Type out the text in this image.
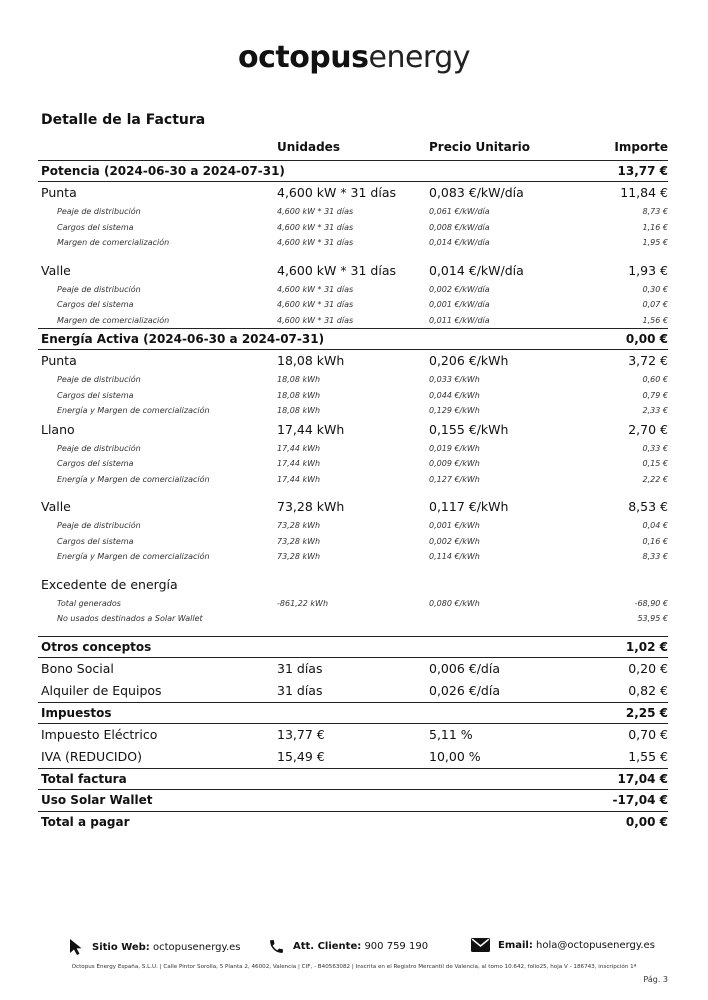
octopusenergy
Detalle de la Factura
Unidades	Precio Unitario	Importe
Potencia (2024-06-30 a 2024-07-31)	13,77 €
Punta	4,600 kW * 31 días	0,083 €/kW/día	11,84 €
Peaje de distribución	4,600 kW * 31 días	0,061 €/kW/día	8,73 €
Cargos del sistema	4,600 kW * 31 días	0,008 €/kW/día	1,16 €
Margen de comercialización	4,600 kW * 31 días	0,014 €/kW/día	1,95 €
Valle	4,600 kW * 31 días	0,014 €/kW/día	1,93 €
Peaje de distribución	4,600 kW * 31 días	0,002 €/kW/día	0,30 €
Cargos del sistema	4,600 kW * 31 días	0,001 €/kW/día	0,07 €
Margen de comercialización	4,600 kW * 31 días	0,011 €/kW/día	1,56 €
Energía Activa (2024-06-30 a 2024-07-31)	0,00 €
Punta	18,08 kWh	0,206 €/kWh	3,72 €
Peaje de distribución	18,08 kWh	0,033 €/kWh	0,60 €
Cargos del sistema	18,08 kWh	0,044 €/kWh	0,79 €
Energía y Margen de comercialización	18,08 kWh	0,129 €/kWh	2,33 €
Llano	17,44 kWh	0,155 €/kWh	2,70 €
Peaje de distribución	17,44 kWh	0,019 €/kWh	0,33 €
Cargos del sistema	17,44 kWh	0,009 €/kWh	0,15 €
Energía y Margen de comercialización	17,44 kWh	0,127 €/kWh	2,22 €
Valle	73,28 kWh	0,117 €/kWh	8,53 €
Peaje de distribución	73,28 kWh	0,001 €/kWh	0,04 €
Cargos del sistema	73,28 kWh	0,002 €/kWh	0,16 €
Energía y Margen de comercialización	73,28 kWh	0,114 €/kWh	8,33 €
Excedente de energía
Total generados	-861,22 kWh	0,080 €/kWh	-68,90 €
No usados destinados a Solar Wallet	53,95 €
Otros conceptos	1,02 €
Bono Social	31 días	0,006 €/día	0,20 €
Alquiler de Equipos	31 días	0,026 €/día	0,82 €
Impuestos	2,25 €
Impuesto Eléctrico	13,77 €	5,11 %	0,70 €
IVA (REDUCIDO)	15,49 €	10,00 %	1,55 €
Total factura	17,04 €
Uso Solar Wallet	-17,04 €
Total a pagar	0,00 €
Sitio Web: octopusenergy.es	Att. Cliente: 900 759 190	Email: hola@octopusenergy.es
Octopus Energy España, S.L.U. | Calle Pintor Sorolla, 5 Planta 2, 46002, Valencia | CIF, - B40563082 | Inscrita en el Registro Mercantil de Valencia, al tomo 10.642, folio25, hoja V - 186743, inscripción 1ª
Pág. 3
